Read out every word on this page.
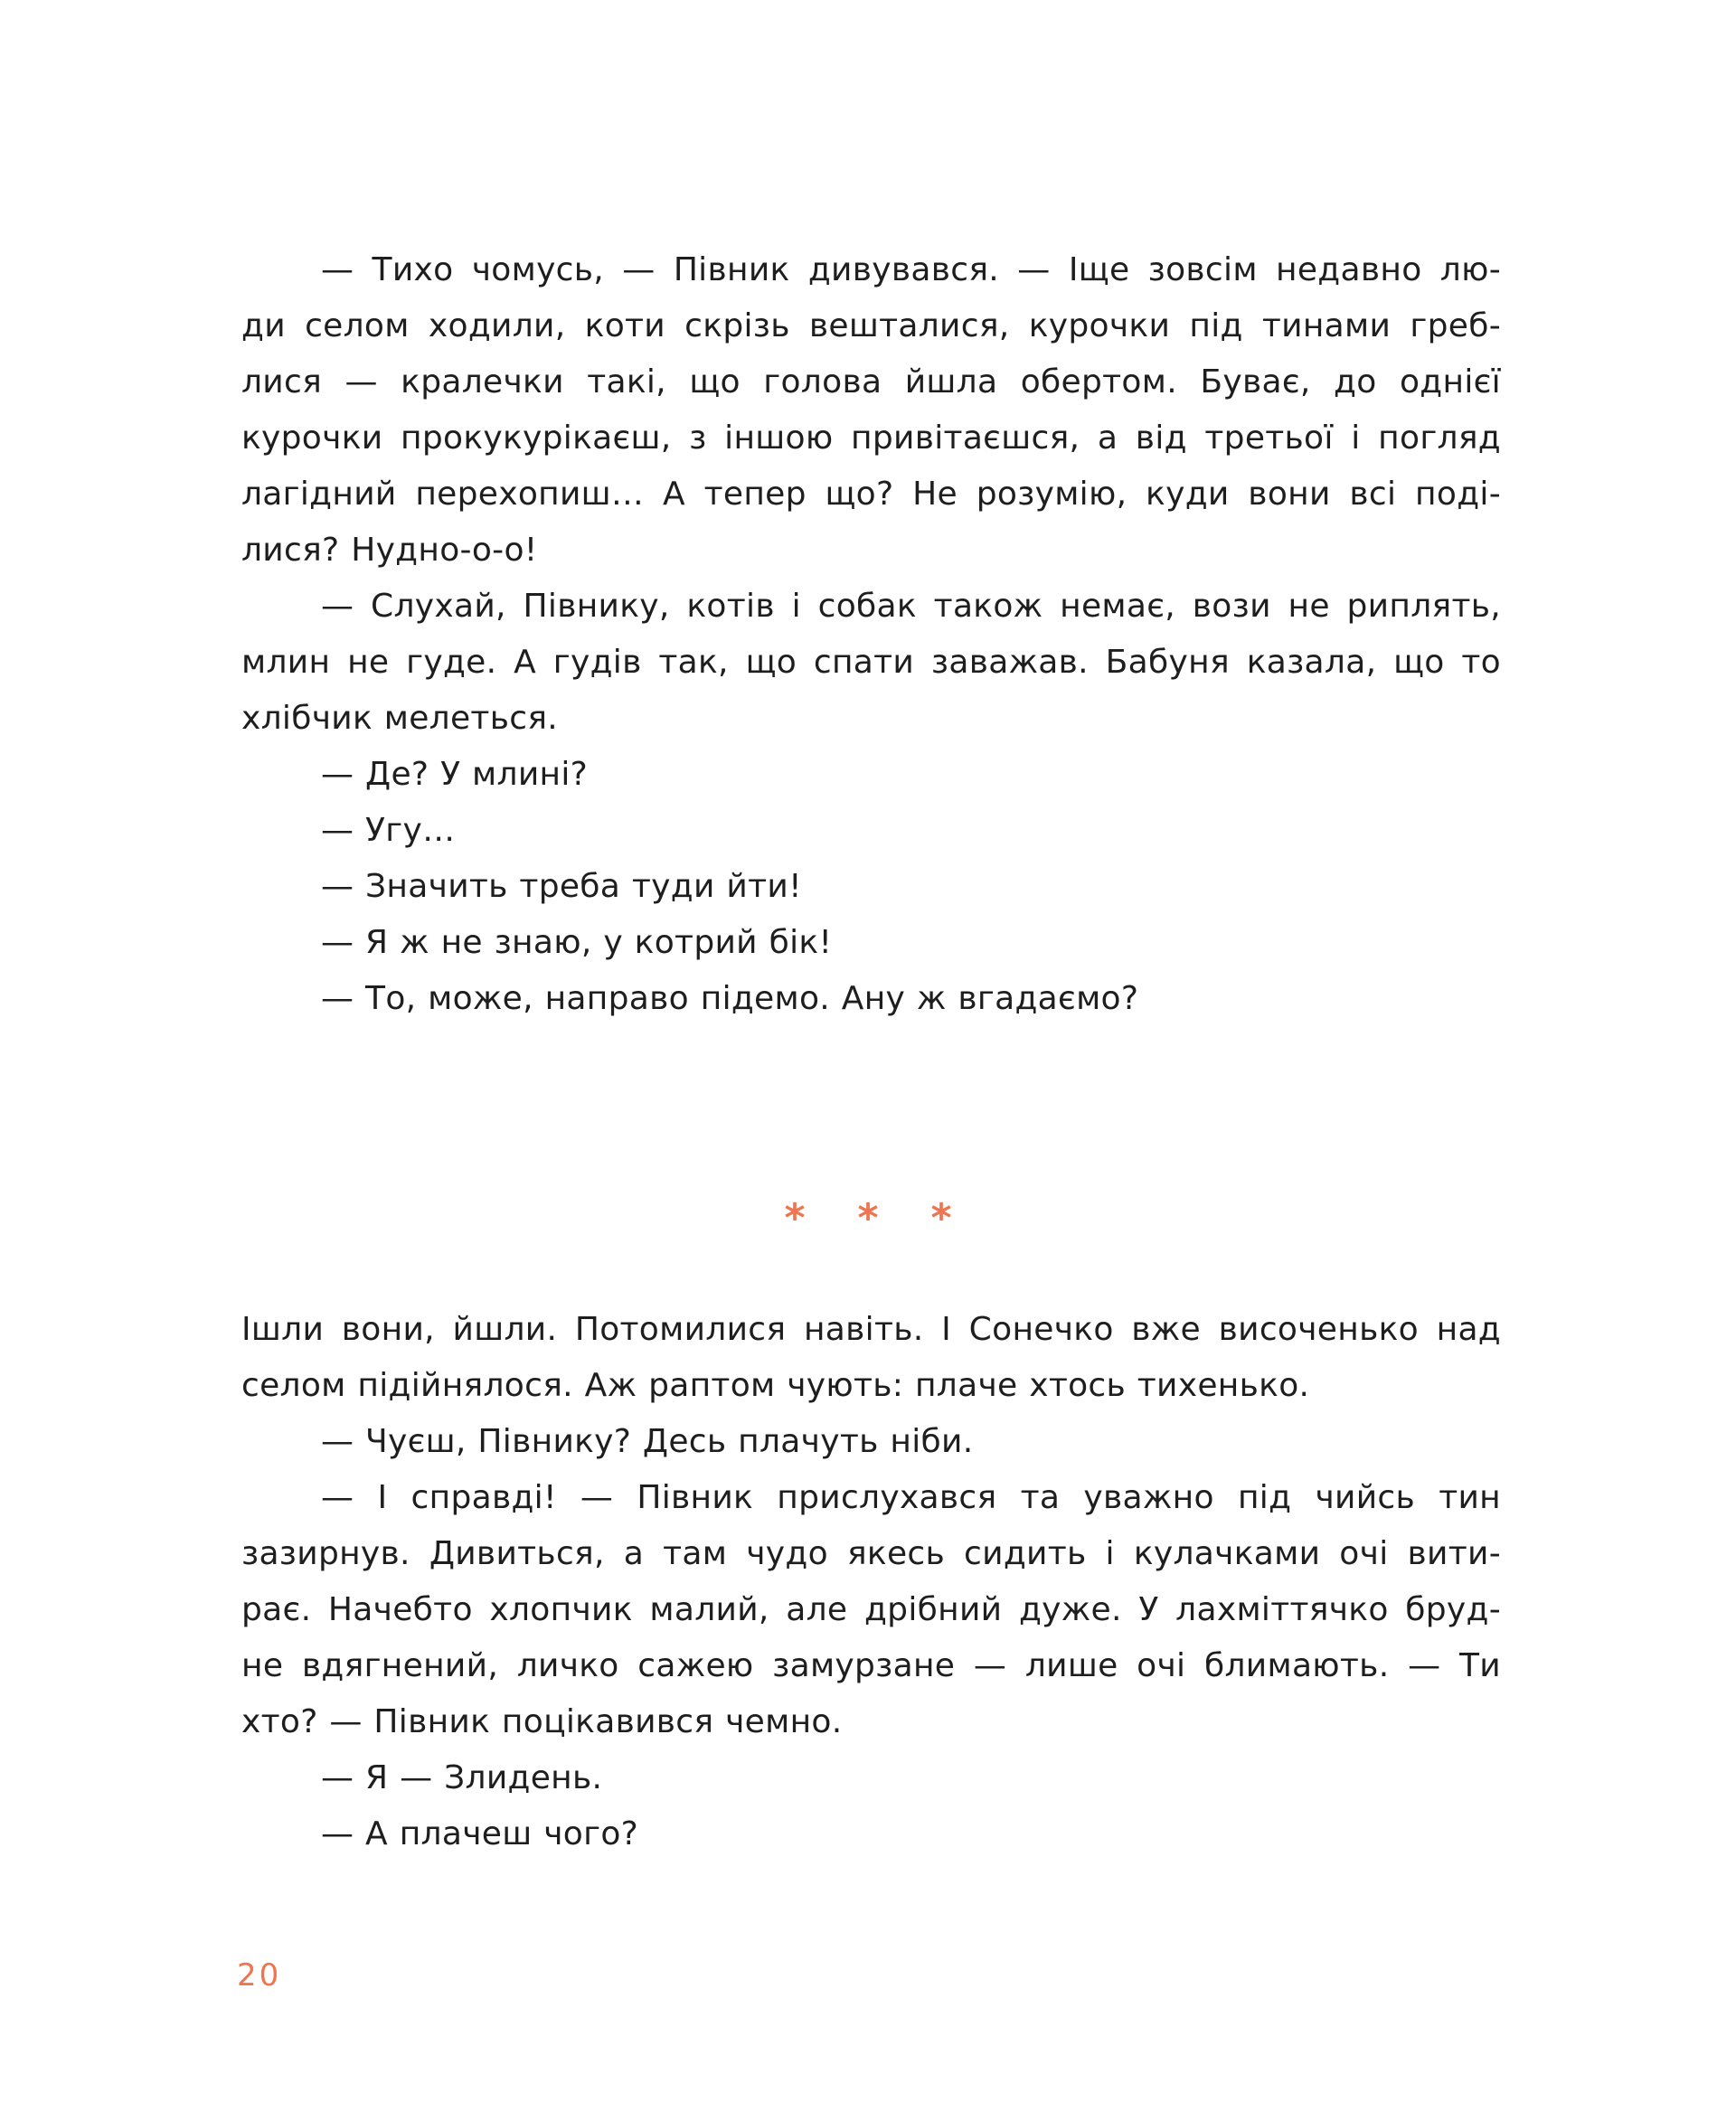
— Тихо чомусь, — Півник дивувався. — Іще зовсім недавно лю-
ди селом ходили, коти скрізь вешталися, курочки під тинами греб-
лися — кралечки такі, що голова йшла обертом. Буває, до однієї
курочки прокукурікаєш, з іншою привітаєшся, а від третьої і погляд
лагідний перехопиш… А тепер що? Не розумію, куди вони всі поді-
лися? Нудно-о-о!
— Слухай, Півнику, котів і собак також немає, вози не риплять,
млин не гуде. А гудів так, що спати заважав. Бабуня казала, що то
хлібчик мелеться.
— Де? У млині?
— Угу…
— Значить треба туди йти!
— Я ж не знаю, у котрий бік!
— То, може, направо підемо. Ану ж вгадаємо?
* * *
Ішли вони, йшли. Потомилися навіть. І Сонечко вже височенько над
селом підійнялося. Аж раптом чують: плаче хтось тихенько.
— Чуєш, Півнику? Десь плачуть ніби.
— І справді! — Півник прислухався та уважно під чийсь тин
зазирнув. Дивиться, а там чудо якесь сидить і кулачками очі вити-
рає. Начебто хлопчик малий, але дрібний дуже. У лахміттячко бруд-
не вдягнений, личко сажею замурзане — лише очі блимають. — Ти
хто? — Півник поцікавився чемно.
— Я — Злидень.
— А плачеш чого?
20
